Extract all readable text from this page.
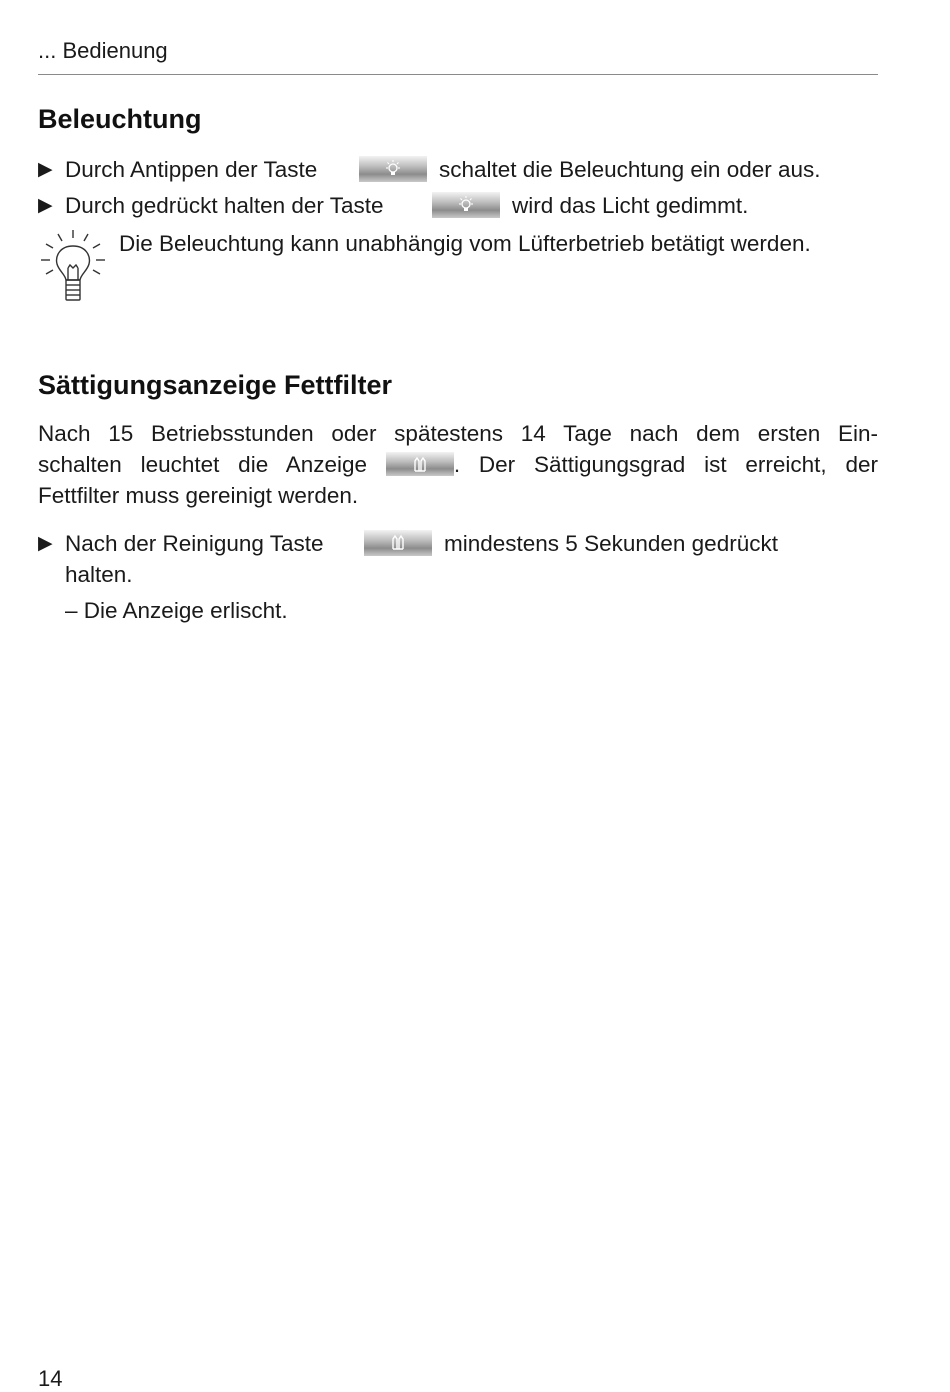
... Bedienung
Beleuchtung
▶ Durch Antippen der Taste	schaltet die Beleuchtung ein oder aus.
▶ Durch gedrückt halten der Taste	wird das Licht gedimmt.
Die Beleuchtung kann unabhängig vom Lüfterbetrieb betätigt werden.
Sättigungsanzeige Fettfilter
Nach 15 Betriebsstunden oder spätestens 14 Tage nach dem ersten Ein-
schalten leuchtet die Anzeige	. Der Sättigungsgrad ist erreicht, der
Fettfilter muss gereinigt werden.
▶ Nach der Reinigung Taste	mindestens 5 Sekunden gedrückt
halten.
– Die Anzeige erlischt.
14
